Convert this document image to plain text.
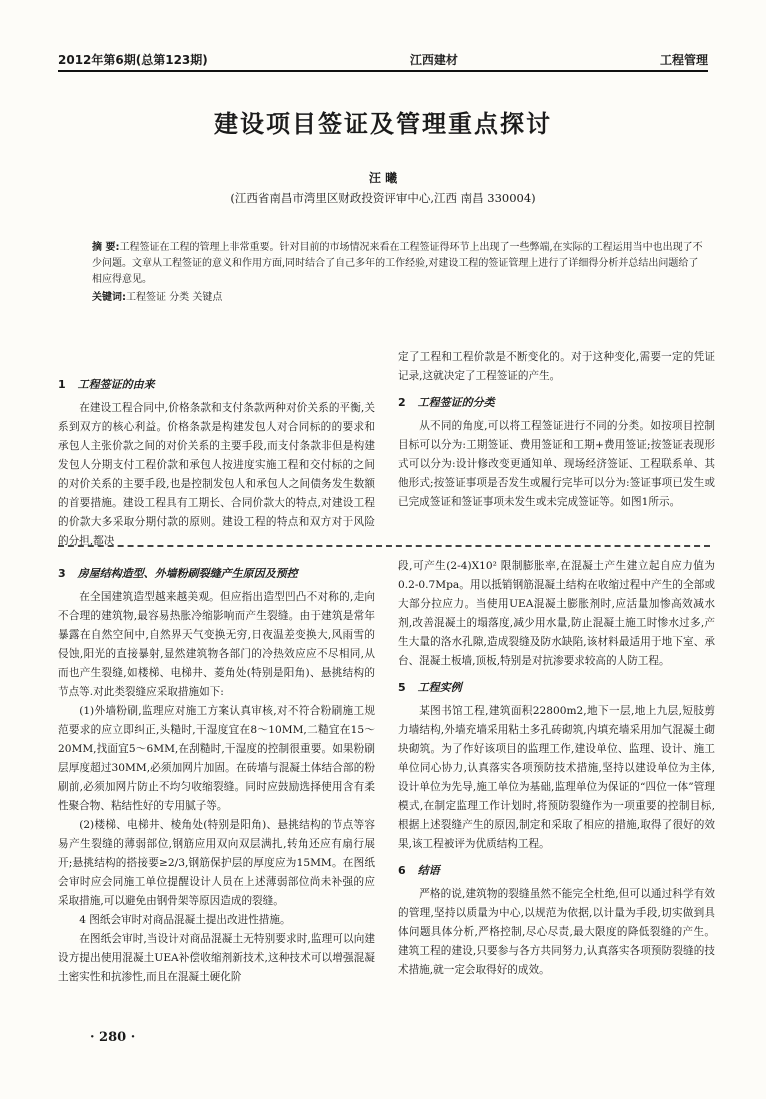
2012年第6期(总第123期)	江西建材	工程管理
建设项目签证及管理重点探讨
汪 曦
(江西省南昌市湾里区财政投资评审中心,江西 南昌 330004)
摘 要:工程签证在工程的管理上非常重要。针对目前的市场情况来看在工程签证得环节上出现了一些弊端,在实际的工程运用当中也出现了不少问题。文章从工程签证的意义和作用方面,同时结合了自己多年的工作经验,对建设工程的签证管理上进行了详细得分析并总结出问题给了相应得意见。
关键词:工程签证 分类 关键点
1 工程签证的由来

在建设工程合同中,价格条款和支付条款两种对价关系的平衡,关系到双方的核心利益。价格条款是构建发包人对合同标的的要求和承包人主张价款之间的对价关系的主要手段,而支付条款非但是构建发包人分期支付工程价款和承包人按进度实施工程和交付标的之间的对价关系的主要手段,也是控制发包人和承包人之间债务发生数额的首要措施。建设工程具有工期长、合同价款大的特点,对建设工程的价款大多采取分期付款的原则。建设工程的特点和双方对于风险的分担,都决

定了工程和工程价款是不断变化的。对于这种变化,需要一定的凭证记录,这就决定了工程签证的产生。

2 工程签证的分类

从不同的角度,可以将工程签证进行不同的分类。如按项目控制目标可以分为:工期签证、费用签证和工期+费用签证;按签证表现形式可以分为:设计修改变更通知单、现场经济签证、工程联系单、其他形式;按签证事项是否发生或履行完毕可以分为:签证事项已发生或已完成签证和签证事项未发生或未完成签证等。如图1所示。

3 房屋结构造型、外墙粉刷裂缝产生原因及预控

在全国建筑造型越来越美观。但应指出造型凹凸不对称的,走向不合理的建筑物,最容易热胀冷缩影响而产生裂缝。由于建筑是常年暴露在自然空间中,自然界天气变换无穷,日夜温差变换大,风雨雪的侵蚀,阳光的直接暴射,显然建筑物各部门的冷热效应应不尽相同,从而也产生裂缝,如楼梯、电梯井、菱角处(特别是阳角)、悬挑结构的节点等.对此类裂缝应采取措施如下:

(1)外墙粉刷,监理应对施工方案认真审核,对不符合粉刷施工规范要求的应立即纠正,头糙时,干湿度宜在8～10MM,二糙宜在15～20MM,找面宜5～6MM,在刮糙时,干湿度的控制很重要。如果粉刷层厚度超过30MM,必须加网片加固。在砖墙与混凝土体结合部的粉刷前,必须加网片防止不均匀收缩裂缝。同时应鼓励选择使用含有柔性聚合物、粘结性好的专用腻子等。

(2)楼梯、电梯井、棱角处(特别是阳角)、悬挑结构的节点等容易产生裂缝的薄弱部位,钢筋应用双向双层满扎,转角还应有扇行展开;悬挑结构的搭接要≥2/3,钢筋保护层的厚度应为15MM。在图纸会审时应会同施工单位提醒设计人员在上述薄弱部位尚未补强的应采取措施,可以避免由钢骨架等原因造成的裂缝。

4 图纸会审时对商品混凝土提出改进性措施。

在图纸会审时,当设计对商品混凝土无特别要求时,监理可以向建设方提出使用混凝土UEA补偿收缩剂新技术,这种技术可以增强混凝土密实性和抗渗性,而且在混凝土硬化阶

段,可产生(2-4)X10² 限制膨胀率,在混凝土产生建立起自应力值为0.2-0.7Mpa。用以抵销钢筋混凝土结构在收缩过程中产生的全部或大部分拉应力。当使用UEA混凝土膨胀剂时,应活量加惨高效减水剂,改善混凝土的塌落度,减少用水量,防止混凝土施工时惨水过多,产生大量的洛水孔隙,造成裂缝及防水缺陷,该材料最适用于地下室、承台、混凝土板墙,顶板,特别是对抗渗要求较高的人防工程。

5 工程实例

某图书馆工程,建筑面积22800m2,地下一层,地上九层,短肢剪力墙结构,外墙充墙采用粘土多孔砖砌筑,内填充墙采用加气混凝土砌块砌筑。为了作好该项目的监理工作,建设单位、监理、设计、施工单位同心协力,认真落实各项预防技术措施,坚持以建设单位为主体,设计单位为先导,施工单位为基础,监理单位为保证的“四位一体”管理模式,在制定监理工作计划时,将预防裂缝作为一项重要的控制目标,根据上述裂缝产生的原因,制定和采取了相应的措施,取得了很好的效果,该工程被评为优质结构工程。

6 结语

严格的说,建筑物的裂缝虽然不能完全杜绝,但可以通过科学有效的管理,坚持以质量为中心,以规范为依据,以计量为手段,切实做到具体问题具体分析,严格控制,尽心尽责,最大限度的降低裂缝的产生。建筑工程的建设,只要参与各方共同努力,认真落实各项预防裂缝的技术措施,就一定会取得好的成效。

· 280 ·
